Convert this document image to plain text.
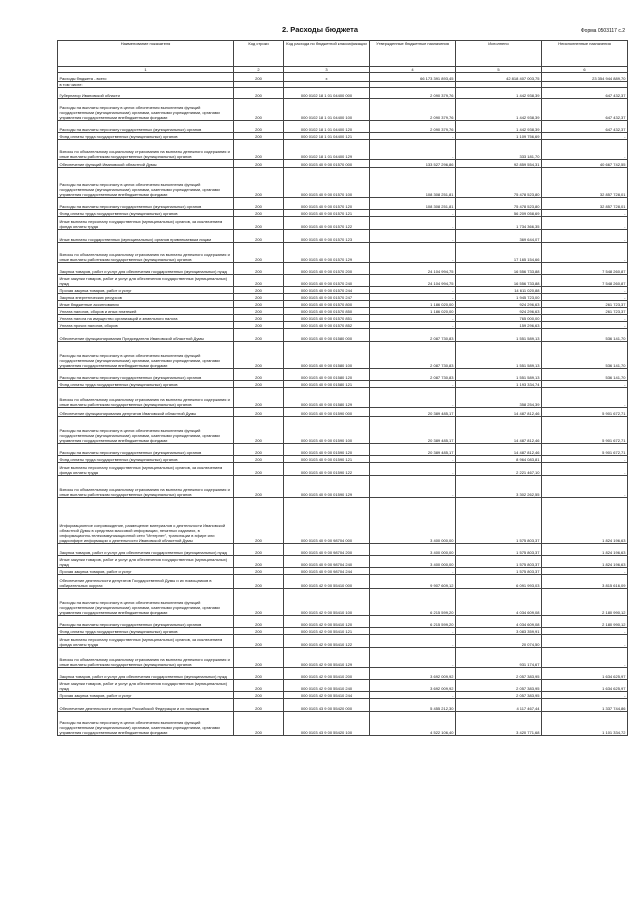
2. Расходы бюджета	Форма 0503117 с.2
Наименование показателя	Код строки	Код расхода по бюджетной классификации	Утвержденные бюджетные назначения	Исполнено	Неисполненные назначения
1	2	3	4	5	6
Расходы бюджета - всего	200	x	66 173 391 893,45	42 818 407 003,75	23 354 944 889,70
в том числе:					
Губернатор Ивановской области	200	000 0102 18 1 01 04400 000	2 090 379,76	1 442 938,39	647 432,37
Расходы на выплаты персоналу в целях обеспечения выполнения функций государственными (муниципальными) органами, казенными учреждениями, органами управления государственными внебюджетными фондами	200	000 0102 18 1 01 04400 100	2 090 379,76	1 442 938,39	647 432,37
Расходы на выплаты персоналу государственных (муниципальных) органов	200	000 0102 18 1 01 04400 120	2 090 379,76	1 442 938,39	647 432,37
Фонд оплаты труда государственных (муниципальных) органов	200	000 0102 18 1 01 04400 121	-	1 109 756,69	-
Взносы по обязательному социальному страхованию на выплаты денежного содержания и иные выплаты работникам государственных (муниципальных) органов	200	000 0102 18 1 01 04400 129	-	333 181,70	-
Обеспечение функций Ивановской областной Думы	200	000 0103 40 9 00 01570 000	133 527 296,86	92 859 554,31	40 667 742,55
Расходы на выплаты персоналу в целях обеспечения выполнения функций государственными (муниципальными) органами, казенными учреждениями, органами управления государственными внебюджетными фондами	200	000 0103 40 9 00 01570 100	108 308 251,81	75 478 523,80	32 857 728,01
Расходы на выплаты персоналу государственных (муниципальных) органов	200	000 0103 40 9 00 01570 120	108 308 251,81	75 478 523,80	32 857 728,01
Фонд оплаты труда государственных (муниципальных) органов	200	000 0103 40 9 00 01570 121	-	56 209 058,69	-
Иные выплаты персоналу государственных (муниципальных) органов, за исключением фонда оплаты труда	200	000 0103 40 9 00 01570 122	-	1 734 366,35	-
Иные выплаты государственных (муниципальных) органов привлекаемым лицам	200	000 0103 40 9 00 01570 123	-	369 644,07	-
Взносы по обязательному социальному страхованию на выплаты денежного содержания и иные выплаты работникам государственных (муниципальных) органов	200	000 0103 40 9 00 01570 129	-	17 165 154,66	-
Закупка товаров, работ и услуг для обеспечения государственных (муниципальных) нужд	200	000 0103 40 9 00 01570 200	24 104 994,75	16 556 733,88	7 548 260,87
Иные закупки товаров, работ и услуг для обеспечения государственных (муниципальных) нужд	200	000 0103 40 9 00 01570 240	24 104 994,75	16 556 733,88	7 548 260,87
Прочая закупка товаров, работ и услуг	200	000 0103 40 9 00 01570 244	-	14 611 020,88	-
Закупка энергетических ресурсов	200	000 0103 40 9 00 01570 247	-	1 945 723,00	-
Иные бюджетные ассигнования	200	000 0103 40 9 00 01570 800	1 186 020,00	924 296,63	261 723,37
Уплата налогов, сборов и иных платежей	200	000 0103 40 9 00 01570 850	1 186 020,00	924 296,63	261 723,37
Уплата налога на имущество организаций и земельного налога	200	000 0103 40 9 00 01570 851	-	765 000,00	-
Уплата прочих налогов, сборов	200	000 0103 40 9 00 01570 852	-	159 296,63	-
Обеспечение функционирования Председателя Ивановской областной Думы	200	000 0103 40 9 00 01580 000	2 087 730,83	1 551 589,13	536 141,70
Расходы на выплаты персоналу в целях обеспечения выполнения функций государственными (муниципальными) органами, казенными учреждениями, органами управления государственными внебюджетными фондами	200	000 0103 40 9 00 01580 100	2 087 730,83	1 551 589,13	536 141,70
Расходы на выплаты персоналу государственных (муниципальных) органов	200	000 0103 40 9 00 01580 120	2 087 730,83	1 551 589,13	536 141,70
Фонд оплаты труда государственных (муниципальных) органов	200	000 0103 40 9 00 01580 121	-	1 193 334,74	-
Взносы по обязательному социальному страхованию на выплаты денежного содержания и иные выплаты работникам государственных (муниципальных) органов	200	000 0103 40 9 00 01580 129	-	358 254,39	-
Обеспечение функционирования депутатов Ивановской областной Думы	200	000 0103 40 9 00 01590 000	20 389 485,17	14 487 812,46	5 901 672,71
Расходы на выплаты персоналу в целях обеспечения выполнения функций государственными (муниципальными) органами, казенными учреждениями, органами управления государственными внебюджетными фондами	200	000 0103 40 9 00 01590 100	20 389 485,17	14 487 812,46	5 901 672,71
Расходы на выплаты персоналу государственных (муниципальных) органов	200	000 0103 40 9 00 01590 120	20 389 485,17	14 487 812,46	5 901 672,71
Фонд оплаты труда государственных (муниципальных) органов	200	000 0103 40 9 00 01590 121	-	8 964 083,81	-
Иные выплаты персоналу государственных (муниципальных) органов, за исключением фонда оплаты труда	200	000 0103 40 9 00 01590 122	-	2 221 467,10	-
Взносы по обязательному социальному страхованию на выплаты денежного содержания и иные выплаты работникам государственных (муниципальных) органов	200	000 0103 40 9 00 01590 129	-	3 302 262,55	-
Информационное сопровождение, размещение материалов о деятельности Ивановской областной Думы в средствах массовой информации, печатных изданиях, в информационно-телекоммуникационной сети "Интернет", трансляции в эфире или радиоэфире информации о деятельности Ивановской областной Думы	200	000 0103 40 9 00 98704 000	3 400 000,00	1 575 803,37	1 824 196,63
Закупка товаров, работ и услуг для обеспечения государственных (муниципальных) нужд	200	000 0103 40 9 00 98704 200	3 400 000,00	1 575 803,37	1 824 196,63
Иные закупки товаров, работ и услуг для обеспечения государственных (муниципальных) нужд	200	000 0103 40 9 00 98704 240	3 400 000,00	1 575 803,37	1 824 196,63
Прочая закупка товаров, работ и услуг	200	000 0103 40 9 00 98704 244	-	1 575 803,37	-
Обеспечение деятельности депутатов Государственной Думы и их помощников в избирательных округах	200	000 0103 42 9 00 55410 000	9 907 609,12	6 091 993,03	3 815 616,09
Расходы на выплаты персоналу в целях обеспечения выполнения функций государственными (муниципальными) органами, казенными учреждениями, органами управления государственными внебюджетными фондами	200	000 0103 42 9 00 55410 100	6 215 599,20	4 034 609,08	2 180 990,12
Расходы на выплаты персоналу государственных (муниципальных) органов	200	000 0103 42 9 00 55410 120	6 215 599,20	4 034 609,08	2 180 990,12
Фонд оплаты труда государственных (муниципальных) органов	200	000 0103 42 9 00 55410 121	-	3 083 359,91	-
Иные выплаты персоналу государственных (муниципальных) органов, за исключением фонда оплаты труда	200	000 0103 42 9 00 55410 122	-	20 074,50	-
Взносы по обязательному социальному страхованию на выплаты денежного содержания и иные выплаты работникам государственных (муниципальных) органов	200	000 0103 42 9 00 55410 129	-	931 174,67	-
Закупка товаров, работ и услуг для обеспечения государственных (муниципальных) нужд	200	000 0103 42 9 00 55410 200	3 692 009,92	2 057 383,95	1 634 625,97
Иные закупки товаров, работ и услуг для обеспечения государственных (муниципальных) нужд	200	000 0103 42 9 00 55410 240	3 692 009,92	2 057 383,95	1 634 625,97
Прочая закупка товаров, работ и услуг	200	000 0103 42 9 00 55410 244	-	2 057 383,95	-
Обеспечение деятельности сенаторов Российской Федерации и их помощников	200	000 0103 43 9 00 55420 000	5 455 212,30	4 117 467,44	1 337 744,86
Расходы на выплаты персоналу в целях обеспечения выполнения функций государственными (муниципальными) органами, казенными учреждениями, органами управления государственными внебюджетными фондами	200	000 0103 43 9 00 55420 100	4 522 106,40	3 420 771,68	1 101 334,72
